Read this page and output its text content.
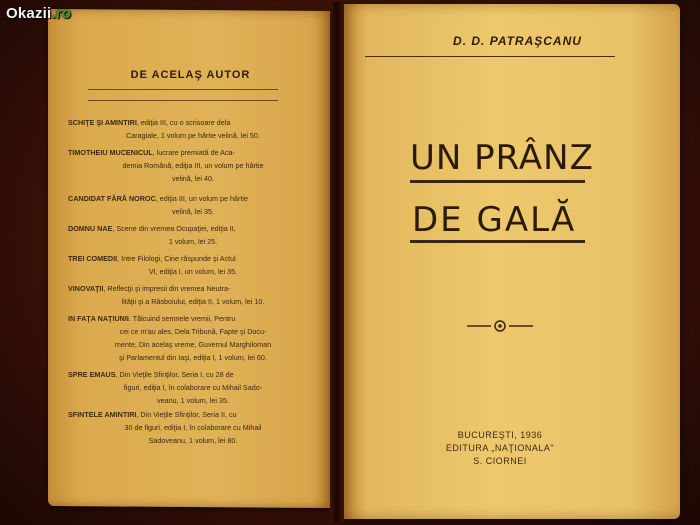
Okazii.ro
DE ACELAŞ AUTOR
SCHIŢE ŞI AMINTIRI, ediţia III, cu o scrisoare dela
Caragiale, 1 volum pe hârtie velină, lei 50.
TIMOTHEIU MUCENICUL, lucrare premiată de Aca-
demia Română, ediţia III, un volum pe hârtie
velină, lei 40.
CANDIDAT FĂRĂ NOROC, ediţia III, un volum pe hârtie
velină, lei 35.
DOMNU NAE, Scene din vremea Ocupaţiei, ediţia II,
1 volum, lei 25.
TREI COMEDII, Intre Filologi, Cine răspunde şi Actul
VI, ediţia I, un volum, lei 35.
VINOVAŢII, Reflecţii şi impresii din vremea Neutra-
lităţii şi a Răsboiului, ediţia II, 1 volum, lei 10.
IN FAŢA NAŢIUNII. Tălcuind semnele vremii, Pentru
cei ce m'au ales, Dela Tribună, Fapte şi Docu-
mente, Din acelaş vreme, Guvernul Marghiloman
şi Parlamentul din Iaşi, ediţia I, 1 volum, lei 60.
SPRE EMAUS, Din Vieţile Sfinţilor, Seria I, cu 28 de
figuri, ediţia I, în colaborare cu Mihail Sado-
veanu, 1 volum, lei 35.
SFINTELE AMINTIRI, Din Vieţile Sfinţilor, Seria II, cu
30 de figuri, ediţia I, în colaborare cu Mihail
Sadoveanu, 1 volum, lei 80.
D. D. PATRAŞCANU
UN PRÂNZ
DE GALĂ
BUCUREŞTI, 1936
EDITURA „NAŢIONALA"
S. CIORNEI
